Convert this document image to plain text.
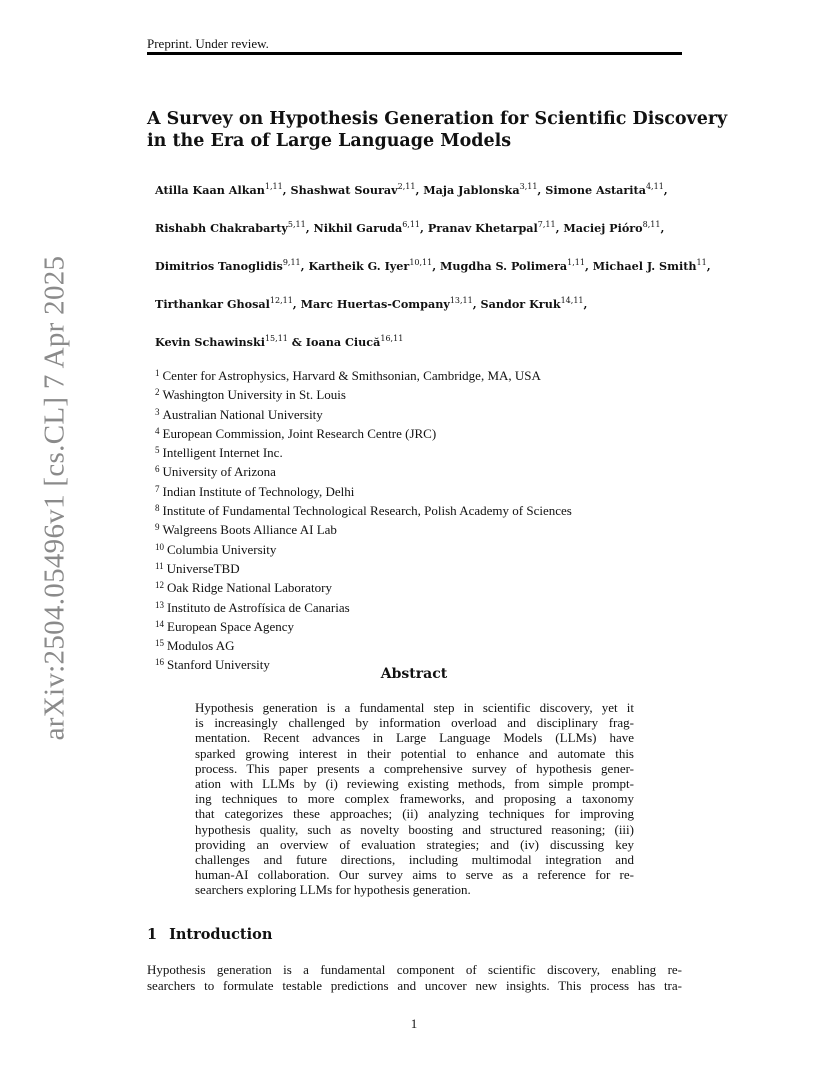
Preprint. Under review.
arXiv:2504.05496v1 [cs.CL] 7 Apr 2025
A Survey on Hypothesis Generation for Scientific Discovery
in the Era of Large Language Models
Atilla Kaan Alkan$^{1,11}$, Shashwat Sourav$^{2,11}$, Maja Jablonska$^{3,11}$, Simone Astarita$^{4,11}$,
Rishabh Chakrabarty$^{5,11}$, Nikhil Garuda$^{6,11}$, Pranav Khetarpal$^{7,11}$, Maciej Pióro$^{8,11}$,
Dimitrios Tanoglidis$^{9,11}$, Kartheik G. Iyer$^{10,11}$, Mugdha S. Polimera$^{1,11}$, Michael J. Smith$^{11}$,
Tirthankar Ghosal$^{12,11}$, Marc Huertas-Company$^{13,11}$, Sandor Kruk$^{14,11}$,
Kevin Schawinski$^{15,11}$ & Ioana Ciucă$^{16,11}$
$^1$ Center for Astrophysics, Harvard & Smithsonian, Cambridge, MA, USA
$^2$ Washington University in St. Louis
$^3$ Australian National University
$^4$ European Commission, Joint Research Centre (JRC)
$^5$ Intelligent Internet Inc.
$^6$ University of Arizona
$^7$ Indian Institute of Technology, Delhi
$^8$ Institute of Fundamental Technological Research, Polish Academy of Sciences
$^9$ Walgreens Boots Alliance AI Lab
$^{10}$ Columbia University
$^{11}$ UniverseTBD
$^{12}$ Oak Ridge National Laboratory
$^{13}$ Instituto de Astrofísica de Canarias
$^{14}$ European Space Agency
$^{15}$ Modulos AG
$^{16}$ Stanford University
Abstract
Hypothesis generation is a fundamental step in scientific discovery, yet it
is increasingly challenged by information overload and disciplinary frag-
mentation. Recent advances in Large Language Models (LLMs) have
sparked growing interest in their potential to enhance and automate this
process. This paper presents a comprehensive survey of hypothesis gener-
ation with LLMs by (i) reviewing existing methods, from simple prompt-
ing techniques to more complex frameworks, and proposing a taxonomy
that categorizes these approaches; (ii) analyzing techniques for improving
hypothesis quality, such as novelty boosting and structured reasoning; (iii)
providing an overview of evaluation strategies; and (iv) discussing key
challenges and future directions, including multimodal integration and
human-AI collaboration. Our survey aims to serve as a reference for re-
searchers exploring LLMs for hypothesis generation.
1 Introduction
Hypothesis generation is a fundamental component of scientific discovery, enabling re-
searchers to formulate testable predictions and uncover new insights. This process has tra-
1
